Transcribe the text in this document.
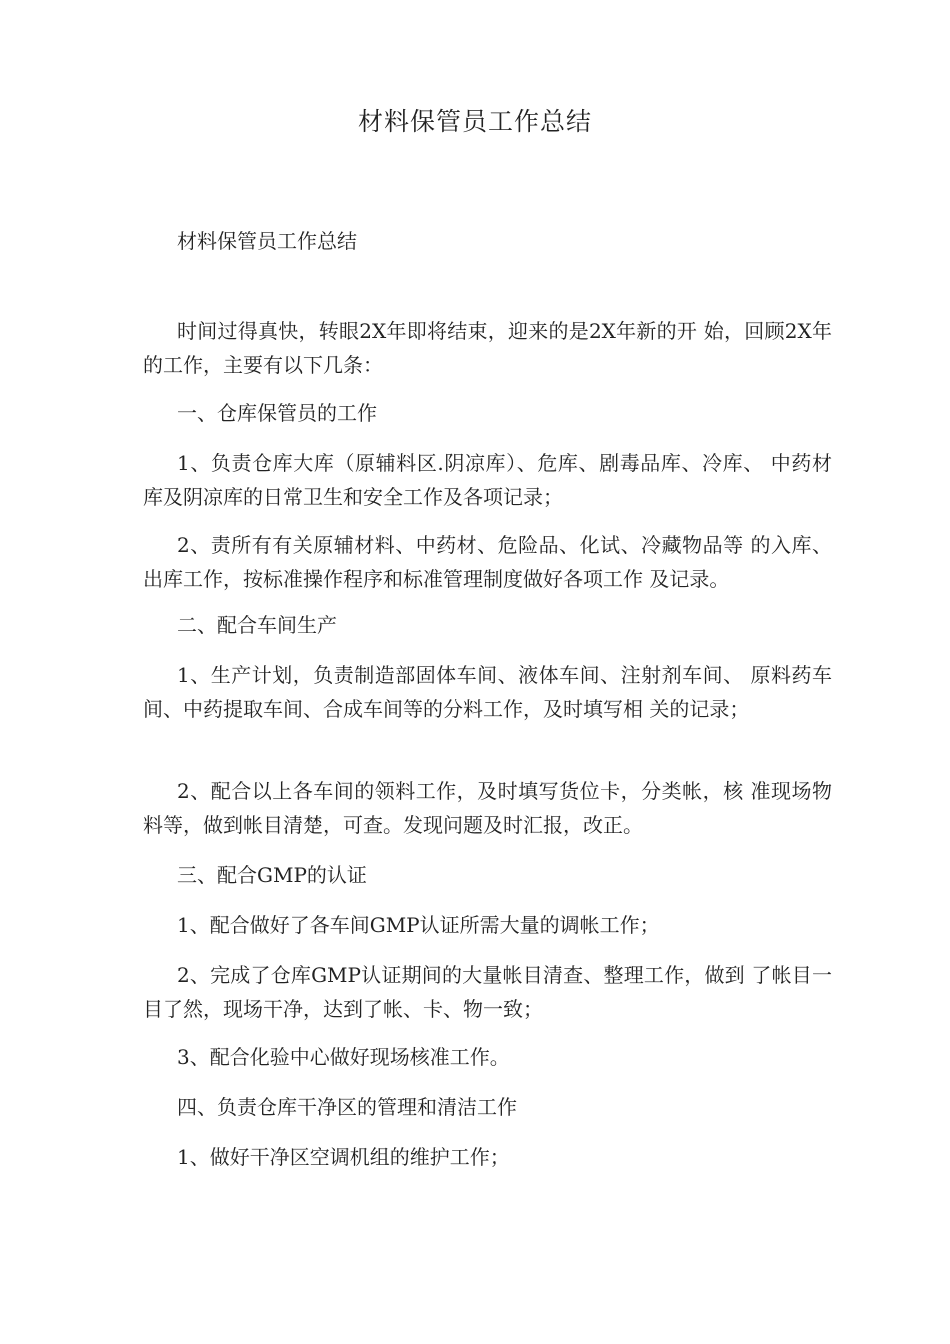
材料保管员工作总结
材料保管员工作总结

时间过得真快，转眼2X年即将结束，迎来的是2X年新的开 始，回顾2X年的工作，主要有以下几条：

一、仓库保管员的工作

1、负责仓库大库（原辅料区.阴凉库）、危库、剧毒品库、冷库、 中药材库及阴凉库的日常卫生和安全工作及各项记录；

2、责所有有关原辅材料、中药材、危险品、化试、冷藏物品等 的入库、出库工作，按标准操作程序和标准管理制度做好各项工作 及记录。

二、配合车间生产

1、生产计划，负责制造部固体车间、液体车间、注射剂车间、 原料药车间、中药提取车间、合成车间等的分料工作，及时填写相 关的记录；

2、配合以上各车间的领料工作，及时填写货位卡，分类帐，核 准现场物料等，做到帐目清楚，可查。发现问题及时汇报，改正。

三、配合GMP的认证

1、配合做好了各车间GMP认证所需大量的调帐工作；

2、完成了仓库GMP认证期间的大量帐目清查、整理工作，做到 了帐目一目了然，现场干净，达到了帐、卡、物一致；

3、配合化验中心做好现场核准工作。

四、负责仓库干净区的管理和清洁工作

1、做好干净区空调机组的维护工作；
